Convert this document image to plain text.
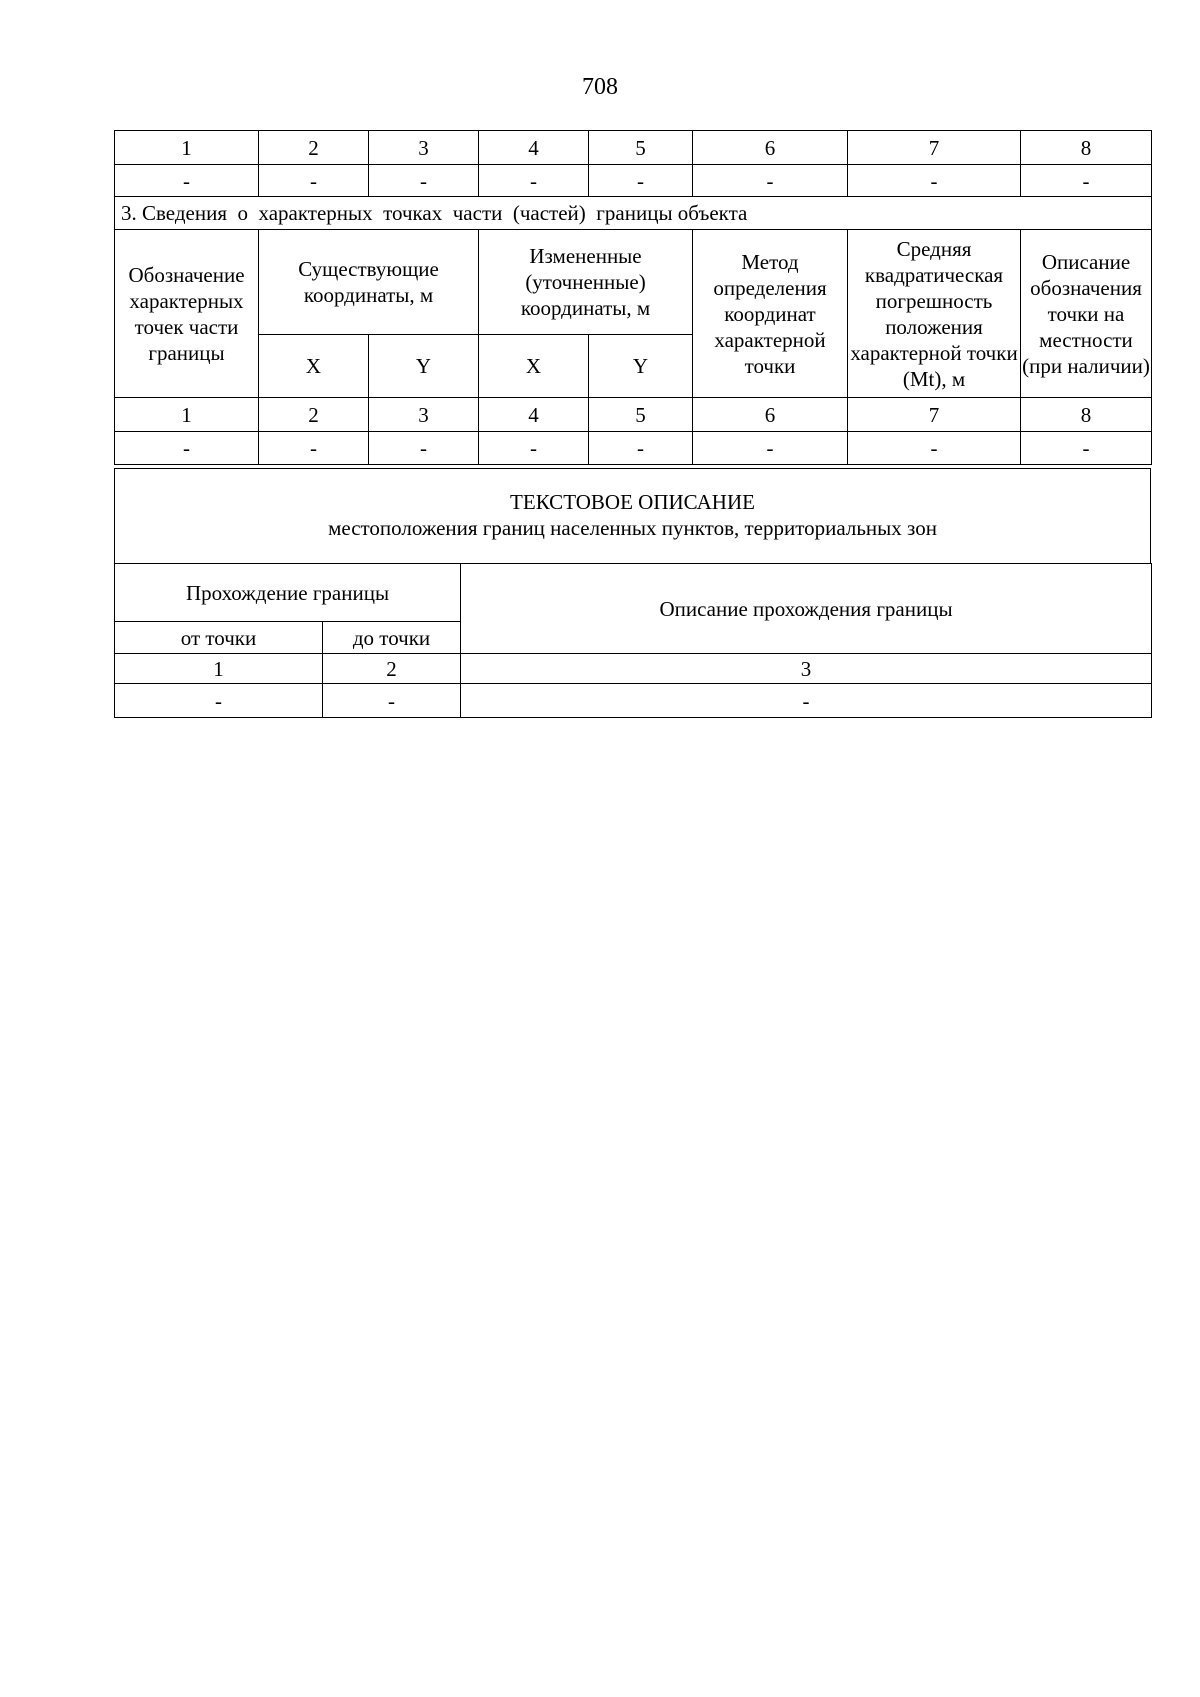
708
1	2	3	4	5	6	7	8
-	-	-	-	-	-	-	-
3. Сведения  о  характерных  точках  части  (частей)  границы объекта							
Обозначение характерных точек части границы	Существующие координаты, м		Измененные (уточненные) координаты, м		Метод определения координат характерной точки	Средняя квадратическая погрешность положения характерной точки (Mt), м	Описание обозначения точки на местности (при наличии)
	X	Y	X	Y			
1	2	3	4	5	6	7	8
-	-	-	-	-	-	-	-
ТЕКСТОВОЕ ОПИСАНИЕ
местоположения границ населенных пунктов, территориальных зон
Прохождение границы		Описание прохождения границы
от точки	до точки	
1	2	3
-	-	-
